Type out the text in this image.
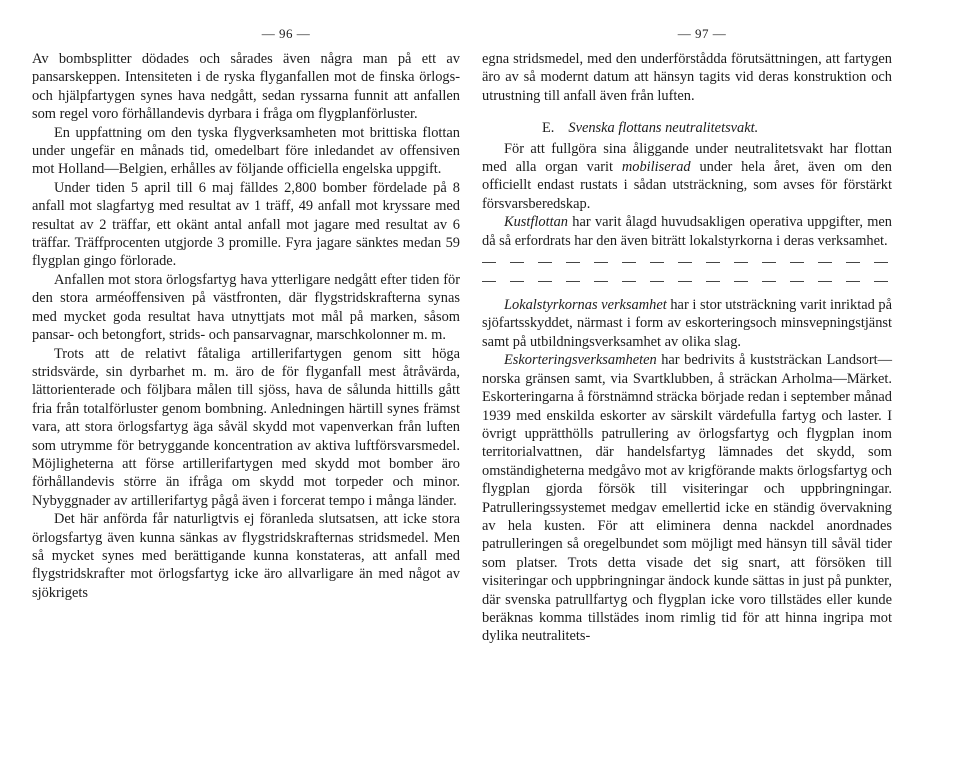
— 96 —

Av bombsplitter dödades och sårades även några man på ett av pansarskeppen. Intensiteten i de ryska flyganfallen mot de finska örlogs- och hjälpfartygen synes hava nedgått, sedan ryssarna funnit att anfallen som regel voro förhållandevis dyrbara i fråga om flygplanförluster.

En uppfattning om den tyska flygverksamheten mot brittiska flottan under ungefär en månads tid, omedelbart före inledandet av offensiven mot Holland—Belgien, erhålles av följande officiella engelska uppgift.

Under tiden 5 april till 6 maj fälldes 2,800 bomber fördelade på 8 anfall mot slagfartyg med resultat av 1 träff, 49 anfall mot kryssare med resultat av 2 träffar, ett okänt antal anfall mot jagare med resultat av 6 träffar. Träffprocenten utgjorde 3 promille. Fyra jagare sänktes medan 59 flygplan gingo förlorade.

Anfallen mot stora örlogsfartyg hava ytterligare nedgått efter tiden för den stora arméoffensiven på västfronten, där flygstridskrafterna synas med mycket goda resultat hava utnyttjats mot mål på marken, såsom pansar- och betongfort, strids- och pansarvagnar, marschkolonner m. m.

Trots att de relativt fåtaliga artillerifartygen genom sitt höga stridsvärde, sin dyrbarhet m. m. äro de för flyganfall mest åtråvärda, lättorienterade och följbara målen till sjöss, hava de sålunda hittills gått fria från totalförluster genom bombning. Anledningen härtill synes främst vara, att stora örlogsfartyg äga såväl skydd mot vapenverkan från luften som utrymme för betryggande koncentration av aktiva luftförsvarsmedel. Möjligheterna att förse artillerifartygen med skydd mot bomber äro förhållandevis större än ifråga om skydd mot torpeder och minor. Nybyggnader av artillerifartyg pågå även i forcerat tempo i många länder.

Det här anförda får naturligtvis ej föranleda slutsatsen, att icke stora örlogsfartyg även kunna sänkas av flygstridskrafternas stridsmedel. Men så mycket synes med berättigande kunna konstateras, att anfall med flygstridskrafter mot örlogsfartyg icke äro allvarligare än med något av sjökrigets

— 97 —

egna stridsmedel, med den underförstådda förutsättningen, att fartygen äro av så modernt datum att hänsyn tagits vid deras konstruktion och utrustning till anfall även från luften.

E. Svenska flottans neutralitetsvakt.

För att fullgöra sina åliggande under neutralitetsvakt har flottan med alla organ varit mobiliserad under hela året, även om den officiellt endast rustats i sådan utsträckning, som avses för förstärkt försvarsberedskap.

Kustflottan har varit ålagd huvudsakligen operativa uppgifter, men då så erfordrats har den även biträtt lokalstyrkorna i deras verksamhet.

Lokalstyrkornas verksamhet har i stor utsträckning varit inriktad på sjöfartsskyddet, närmast i form av eskorteringsoch minsvepningstjänst samt på utbildningsverksamhet av olika slag.

Eskorteringsverksamheten har bedrivits å kuststräckan Landsort—norska gränsen samt, via Svartklubben, å sträckan Arholma—Märket. Eskorteringarna å förstnämnd sträcka började redan i september månad 1939 med enskilda eskorter av särskilt värdefulla fartyg och laster. I övrigt upprätthölls patrullering av örlogsfartyg och flygplan inom territorialvattnen, där handelsfartyg lämnades det skydd, som omständigheterna medgåvo mot av krigförande makts örlogsfartyg och flygplan gjorda försök till visiteringar och uppbringningar. Patrulleringssystemet medgav emellertid icke en ständig övervakning av hela kusten. För att eliminera denna nackdel anordnades patrulleringen så oregelbundet som möjligt med hänsyn till såväl tider som platser. Trots detta visade det sig snart, att försöken till visiteringar och uppbringningar ändock kunde sättas in just på punkter, där svenska patrullfartyg och flygplan icke voro tillstädes eller kunde beräknas komma tillstädes inom rimlig tid för att hinna ingripa mot dylika neutralitets-
